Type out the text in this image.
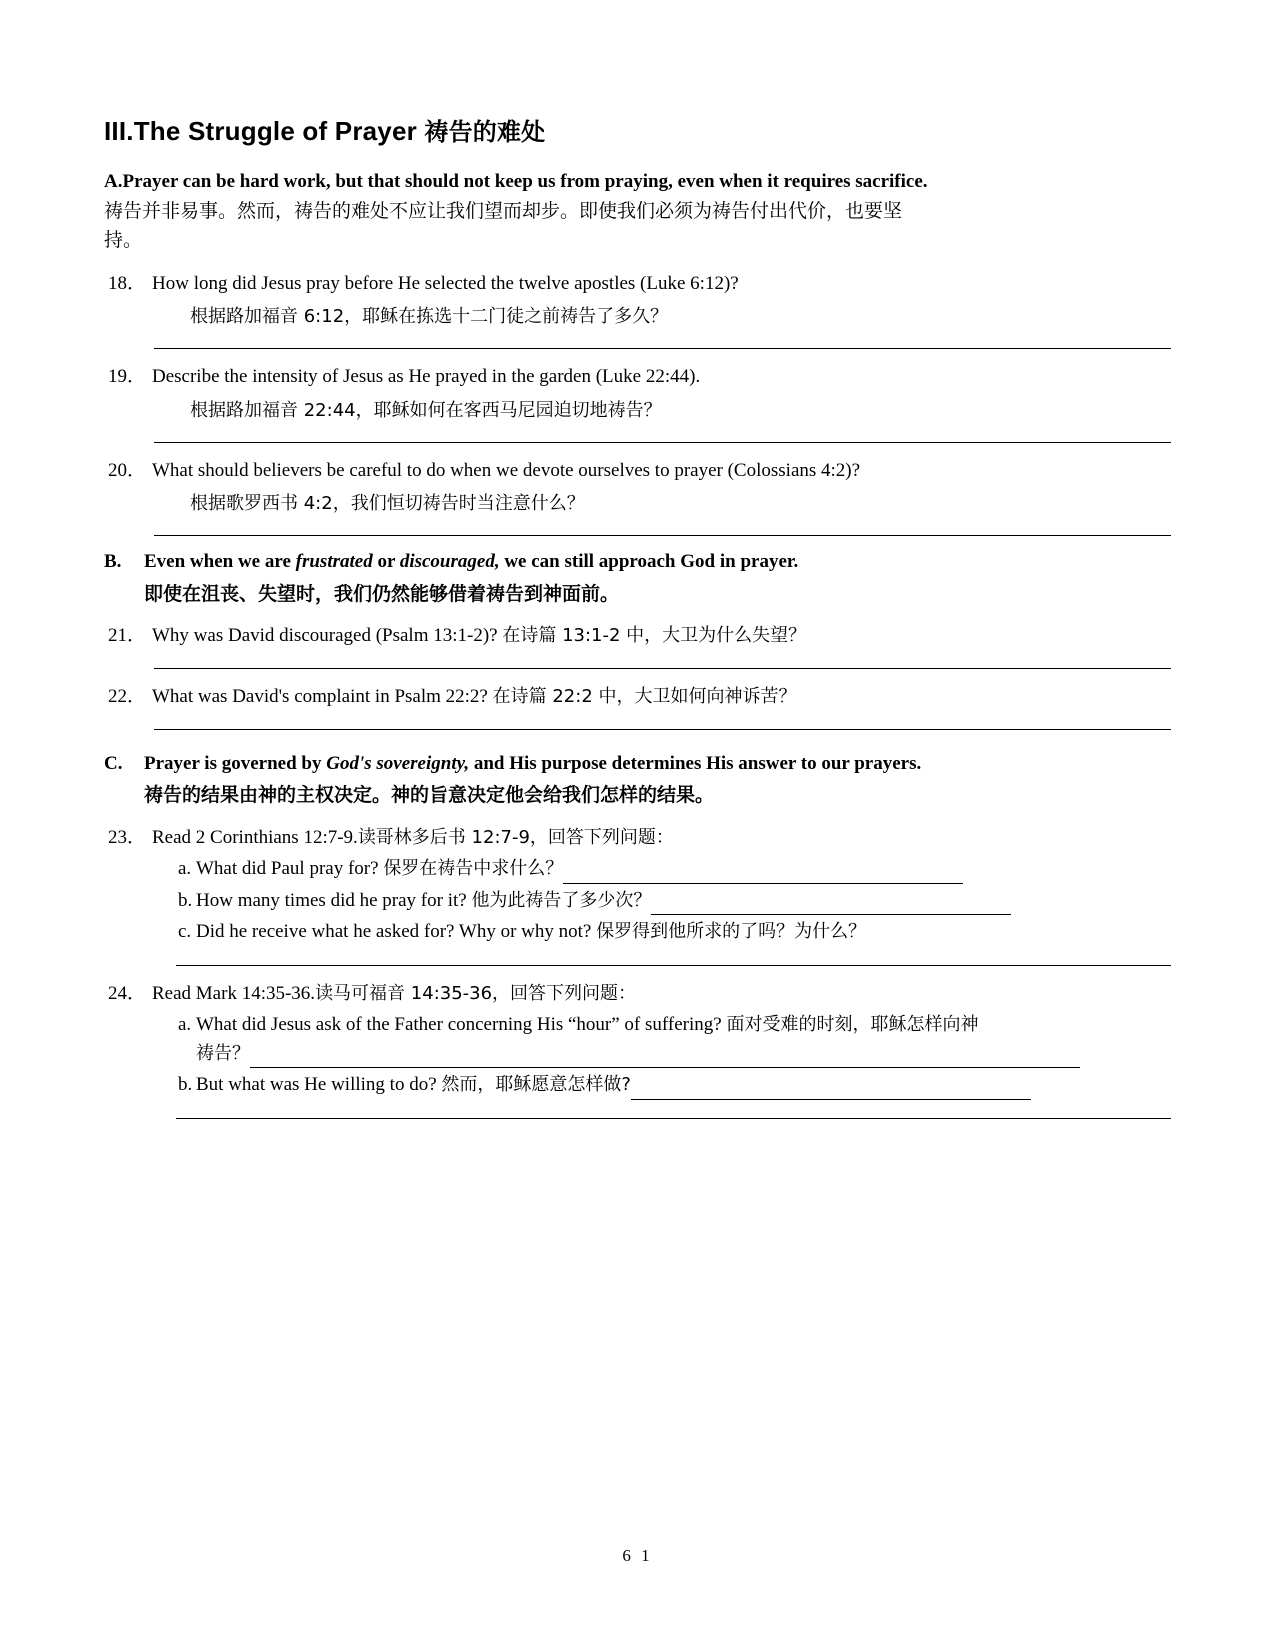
III.The Struggle of Prayer 祷告的难处
A.Prayer can be hard work, but that should not keep us from praying, even when it requires sacrifice.
祷告并非易事。然而，祷告的难处不应让我们望而却步。即使我们必须为祷告付出代价，也要坚
持。
18． How long did Jesus pray before He selected the twelve apostles (Luke 6:12)?
根据路加福音 6:12，耶稣在拣选十二门徒之前祷告了多久？
19． Describe the intensity of Jesus as He prayed in the garden (Luke 22:44).
根据路加福音 22:44，耶稣如何在客西马尼园迫切地祷告？
20． What should believers be careful to do when we devote ourselves to prayer (Colossians 4:2)?
根据歌罗西书 4:2，我们恒切祷告时当注意什么？
B.	Even when we are frustrated or discouraged, we can still approach God in prayer.
即使在沮丧、失望时，我们仍然能够借着祷告到神面前。
21． Why was David discouraged (Psalm 13:1-2)? 在诗篇 13:1-2 中，大卫为什么失望？
22． What was David's complaint in Psalm 22:2? 在诗篇 22:2 中，大卫如何向神诉苦？
C.	Prayer is governed by God's sovereignty, and His purpose determines His answer to our prayers.
祷告的结果由神的主权决定。神的旨意决定他会给我们怎样的结果。
23． Read 2 Corinthians 12:7-9.读哥林多后书 12:7-9，回答下列问题：
a. What did Paul pray for? 保罗在祷告中求什么？
b. How many times did he pray for it? 他为此祷告了多少次？
c. Did he receive what he asked for? Why or why not? 保罗得到他所求的了吗？为什么？
24． Read Mark 14:35-36.读马可福音 14:35-36，回答下列问题：
a. What did Jesus ask of the Father concerning His “hour” of suffering? 面对受难的时刻，耶稣怎样向神
祷告？
b. But what was He willing to do? 然而，耶稣愿意怎样做?
6 1
